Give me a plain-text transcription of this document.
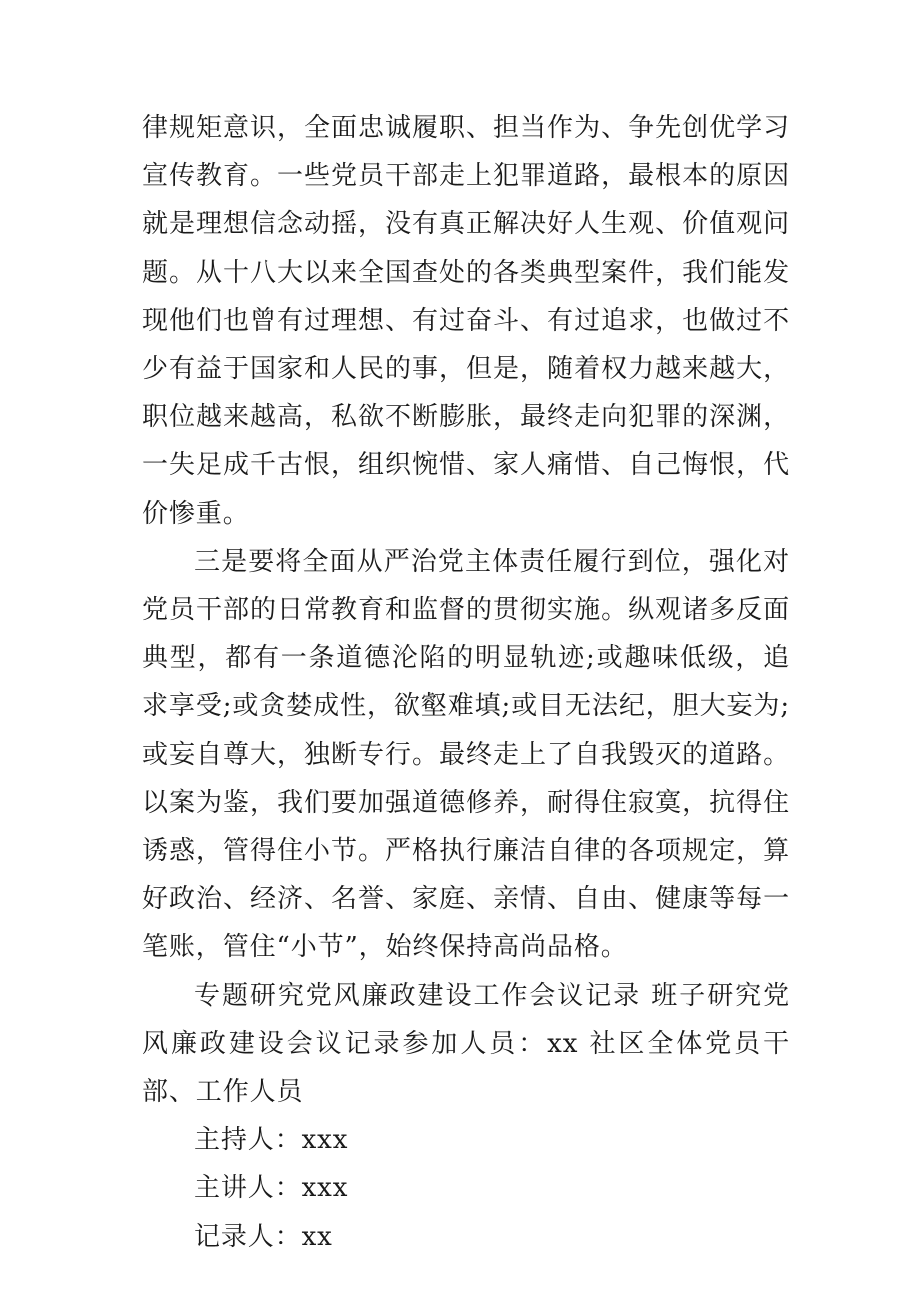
律规矩意识，全面忠诚履职、担当作为、争先创优学习宣传教育。一些党员干部走上犯罪道路，最根本的原因就是理想信念动摇，没有真正解决好人生观、价值观问题。从十八大以来全国查处的各类典型案件，我们能发现他们也曾有过理想、有过奋斗、有过追求，也做过不少有益于国家和人民的事，但是，随着权力越来越大，职位越来越高，私欲不断膨胀，最终走向犯罪的深渊，一失足成千古恨，组织惋惜、家人痛惜、自己悔恨，代价惨重。

三是要将全面从严治党主体责任履行到位，强化对党员干部的日常教育和监督的贯彻实施。纵观诸多反面典型，都有一条道德沦陷的明显轨迹;或趣味低级，追求享受;或贪婪成性，欲壑难填;或目无法纪，胆大妄为;或妄自尊大，独断专行。最终走上了自我毁灭的道路。以案为鉴，我们要加强道德修养，耐得住寂寞，抗得住诱惑，管得住小节。严格执行廉洁自律的各项规定，算好政治、经济、名誉、家庭、亲情、自由、健康等每一笔账，管住“小节”，始终保持高尚品格。

专题研究党风廉政建设工作会议记录 班子研究党风廉政建设会议记录参加人员：xx 社区全体党员干部、工作人员

主持人：xxx

主讲人：xxx

记录人：xx
